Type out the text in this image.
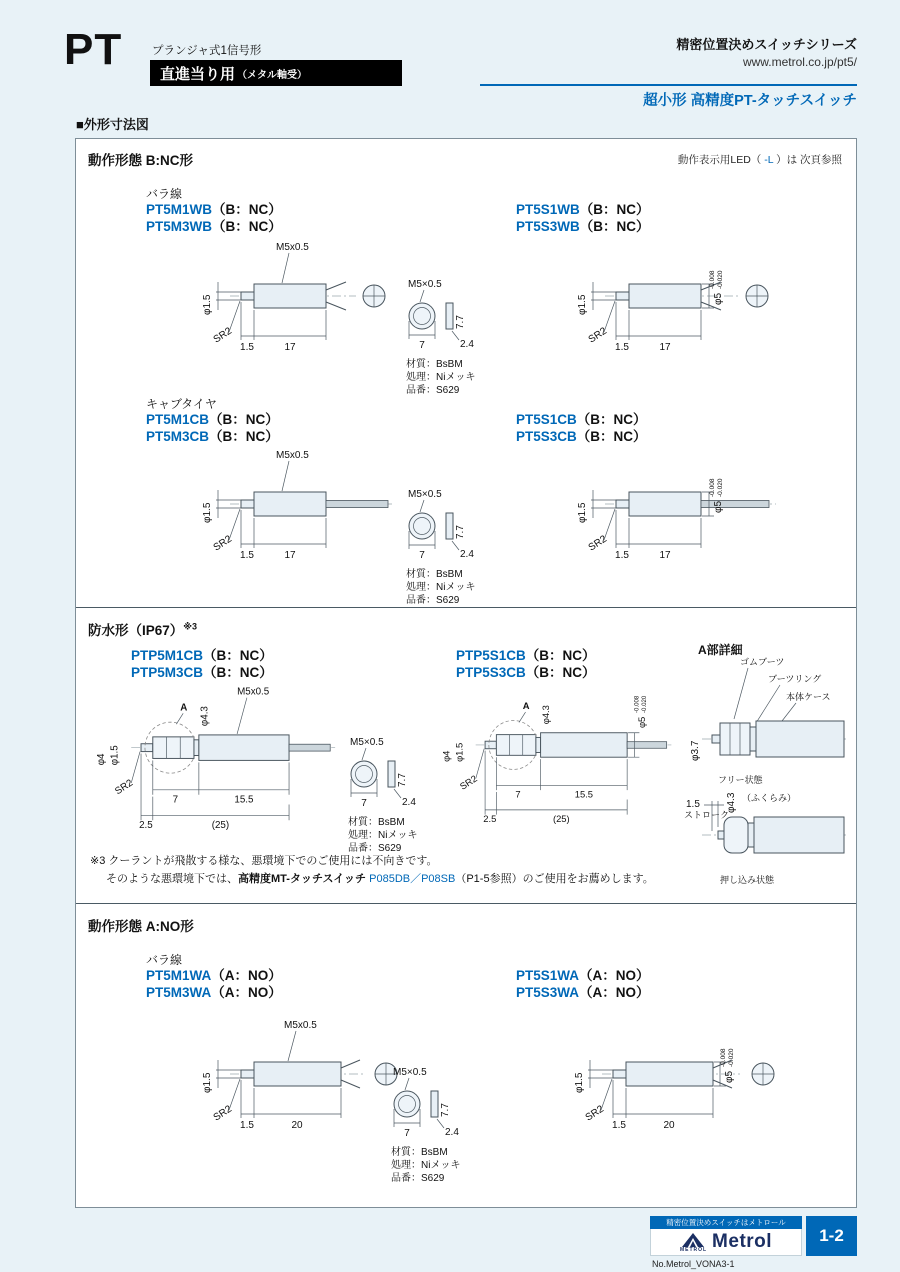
PT	プランジャ式1信号形
直進当り用 （メタル軸受）
精密位置決めスイッチシリーズ
www.metrol.co.jp/pt5/
超小形 高精度PT-タッチスイッチ
■外形寸法図
動作形態 B:NC形	動作表示用LED（ -L ）は 次頁参照
バラ線
PT5M1WB（B：NC）
PT5M3WB（B：NC）
PT5S1WB（B：NC）
PT5S3WB（B：NC）
M5x0.5
φ1.5
SR2
1.5	17
M5×0.5
7.7
7	2.4
材質：BsBM
処理：Niメッキ
品番：S629
φ5
-0.008 -0.020
φ1.5
SR2
1.5	17
キャブタイヤ
PT5M1CB（B：NC）
PT5M3CB（B：NC）
PT5S1CB（B：NC）
PT5S3CB（B：NC）
M5x0.5
φ1.5
SR2
1.5	17
M5×0.5
7.7
7	2.4
材質：BsBM
処理：Niメッキ
品番：S629
φ5
-0.008 -0.020
φ1.5
SR2
1.5	17
防水形$(IP67)^{※3}$
PTP5M1CB（B：NC）
PTP5M3CB（B：NC）
PTP5S1CB（B：NC）
PTP5S3CB（B：NC）
A部詳細
φ4 φ1.5
SR2
A φ4.3
M5x0.5
7	15.5
2.5	(25)
M5×0.5
7.7
7	2.4
材質：BsBM
処理：Niメッキ
品番：S629
φ4 φ1.5
SR2
A φ4.3	φ5
-0.008 -0.020
7	15.5
2.5	(25)
ゴムブーツ
ブーツリング
本体ケース
φ3.7
フリー状態
1.5
ストローク
φ4.3 （ふくらみ）
押し込み状態
※3 クーラントが飛散する様な、悪環境下でのご使用には不向きです。
そのような悪環境下では、高精度MT-タッチスイッチ P085DB／P08SB（P1-5参照）のご使用をお薦めします。
動作形態 A:NO形
バラ線
PT5M1WA（A：NO）
PT5M3WA（A：NO）
PT5S1WA（A：NO）
PT5S3WA（A：NO）
M5x0.5
φ1.5
SR2
1.5	20
M5×0.5
7.7
7	2.4
材質：BsBM
処理：Niメッキ
品番：S629
φ5
-0.008 -0.020
φ1.5
SR2
1.5	20
精密位置決めスイッチはメトロール
METROL Metrol
No.Metrol_VONA3-1
1-2
